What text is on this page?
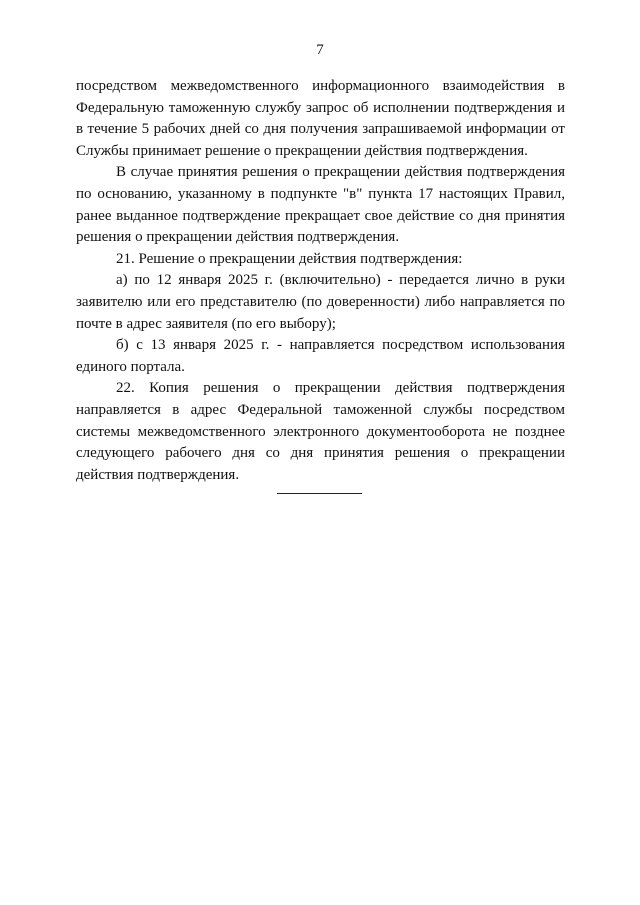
7

посредством межведомственного информационного взаимодействия в Федеральную таможенную службу запрос об исполнении подтверждения и в течение 5 рабочих дней со дня получения запрашиваемой информации от Службы принимает решение о прекращении действия подтверждения.

В случае принятия решения о прекращении действия подтверждения по основанию, указанному в подпункте "в" пункта 17 настоящих Правил, ранее выданное подтверждение прекращает свое действие со дня принятия решения о прекращении действия подтверждения.

21. Решение о прекращении действия подтверждения:

а) по 12 января 2025 г. (включительно) - передается лично в руки заявителю или его представителю (по доверенности) либо направляется по почте в адрес заявителя (по его выбору);

б) с 13 января 2025 г. - направляется посредством использования единого портала.

22. Копия решения о прекращении действия подтверждения направляется в адрес Федеральной таможенной службы посредством системы межведомственного электронного документооборота не позднее следующего рабочего дня со дня принятия решения о прекращении действия подтверждения.
